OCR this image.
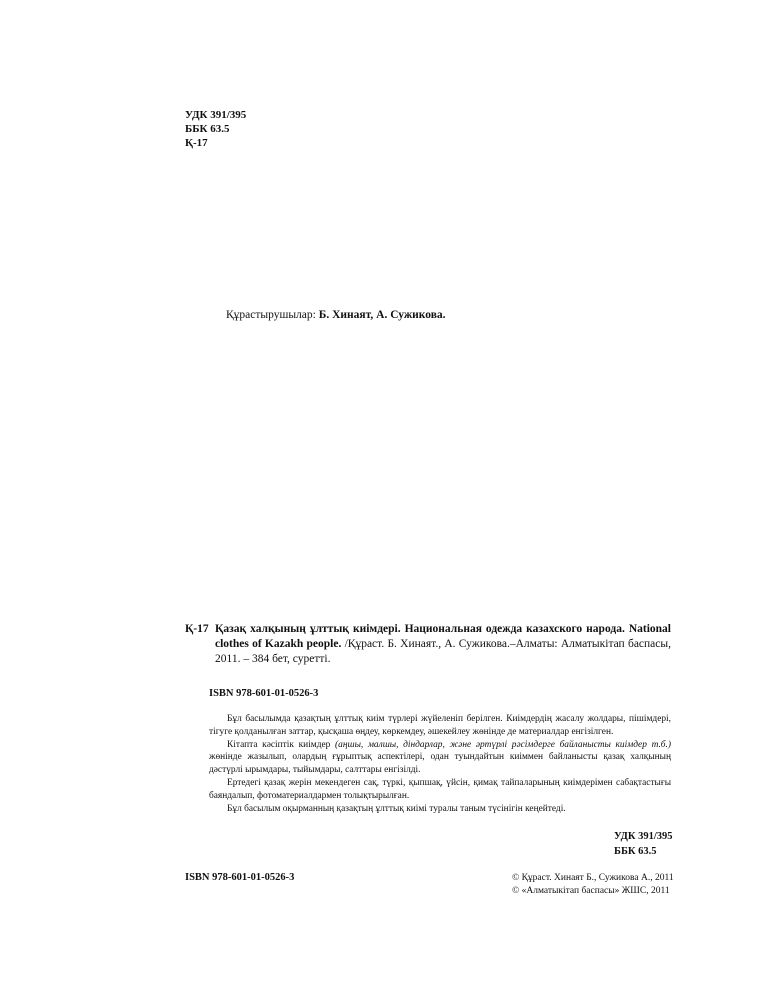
УДК 391/395
ББК 63.5
Қ-17
Құрастырушылар: Б. Хинаят, А. Сужикова.
Қ-17 Қазақ халқының ұлттық киімдері. Национальная одежда казахского народа. National clothes of Kazakh people. /Құраст. Б. Хинаят., А. Сужикова.–Алматы: Алматыкітап баспасы, 2011. – 384 бет, суретті.
ISBN 978-601-01-0526-3

Бұл басылымда қазақтың ұлттық киім түрлері жүйеленіп берілген. Киімдердің жасалу жолдары, пішімдері, тігуге қолданылған заттар, қысқаша өңдеу, көркемдеу, әшекейлеу жөнінде де материалдар енгізілген.

Кітапта кәсіптік киімдер (аңшы, малшы, діндарлар, және әртүрлі рәсімдерге байланысты киімдер т.б.) жөнінде жазылып, олардың ғұрыптық аспектілері, одан туындайтын киіммен байланысты қазақ халқының дәстүрлі ырымдары, тыйымдары, салттары енгізілді.

Ертедегі қазақ жерін мекендеген сақ, түркі, қыпшақ, үйсін, қимақ тайпаларының киімдерімен сабақтастығы баяндалып, фотоматериалдармен толықтырылған.

Бұл басылым оқырманның қазақтың ұлттық киімі туралы таным түсінігін кеңейтеді.

УДК 391/395
ББК 63.5
ISBN 978-601-01-0526-3	© Құраст. Хинаят Б., Сужикова А., 2011
© «Алматыкітап баспасы» ЖШС, 2011
